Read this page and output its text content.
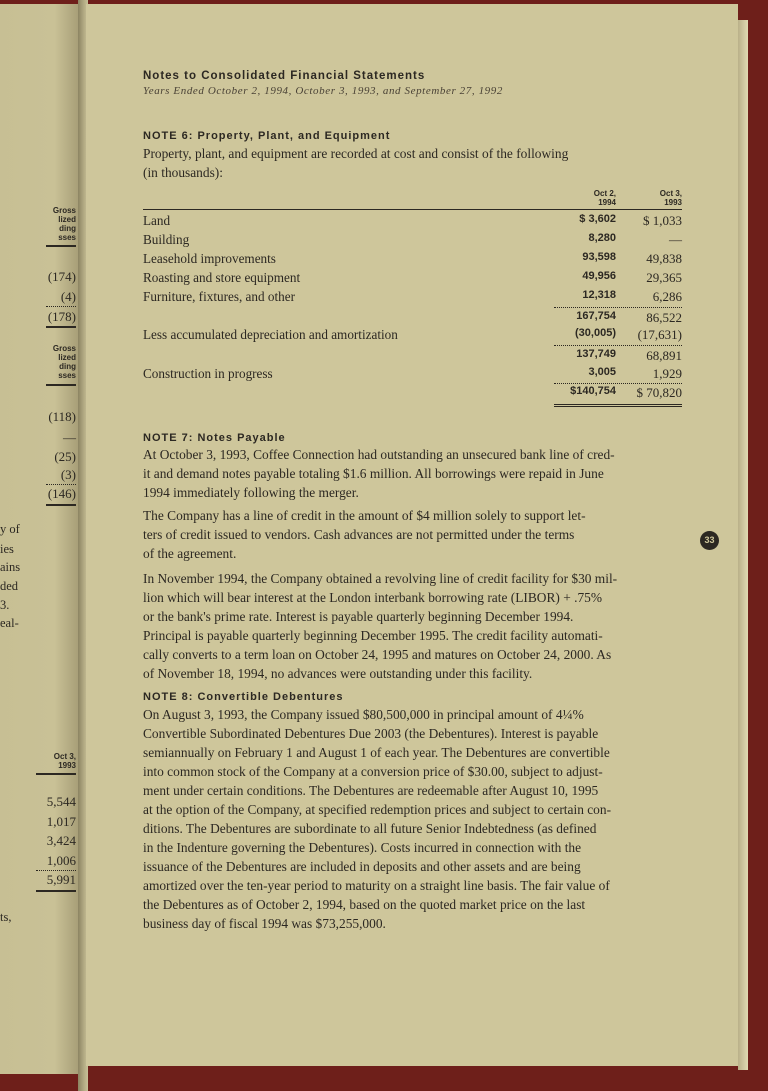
Gross
lized
ding
sses
(174)
(4)
(178)
Gross
lized
ding
sses
(118)
—
(25)
(3)
(146)
y of
ies
ains
ded
3.
eal-
Oct 3,
1993
5,544
1,017
3,424
1,006
5,991
ts,
Notes to Consolidated Financial Statements
Years Ended October 2, 1994, October 3, 1993, and September 27, 1992
NOTE 6: Property, Plant, and Equipment
Property, plant, and equipment are recorded at cost and consist of the following
(in thousands):
Oct 2,
1994
Oct 3,
1993
Land	$ 3,602 $ 1,033
Building	8,280	—
Leasehold improvements	93,598 49,838
Roasting and store equipment	49,956 29,365
Furniture, fixtures, and other	12,318	6,286
167,754 86,522
Less accumulated depreciation and amortization	(30,005) (17,631)
137,749 68,891
Construction in progress	3,005	1,929
$140,754 $ 70,820
NOTE 7: Notes Payable
At October 3, 1993, Coffee Connection had outstanding an unsecured bank line of cred-
it and demand notes payable totaling $1.6 million. All borrowings were repaid in June
1994 immediately following the merger.
The Company has a line of credit in the amount of $4 million solely to support let-
ters of credit issued to vendors. Cash advances are not permitted under the terms
of the agreement.
In November 1994, the Company obtained a revolving line of credit facility for $30 mil-
lion which will bear interest at the London interbank borrowing rate (LIBOR) + .75%
or the bank's prime rate. Interest is payable quarterly beginning December 1994.
Principal is payable quarterly beginning December 1995. The credit facility automati-
cally converts to a term loan on October 24, 1995 and matures on October 24, 2000. As
of November 18, 1994, no advances were outstanding under this facility.
NOTE 8: Convertible Debentures
On August 3, 1993, the Company issued $80,500,000 in principal amount of 4¼%
Convertible Subordinated Debentures Due 2003 (the Debentures). Interest is payable
semiannually on February 1 and August 1 of each year. The Debentures are convertible
into common stock of the Company at a conversion price of $30.00, subject to adjust-
ment under certain conditions. The Debentures are redeemable after August 10, 1995
at the option of the Company, at specified redemption prices and subject to certain con-
ditions. The Debentures are subordinate to all future Senior Indebtedness (as defined
in the Indenture governing the Debentures). Costs incurred in connection with the
issuance of the Debentures are included in deposits and other assets and are being
amortized over the ten-year period to maturity on a straight line basis. The fair value of
the Debentures as of October 2, 1994, based on the quoted market price on the last
business day of fiscal 1994 was $73,255,000.
33
